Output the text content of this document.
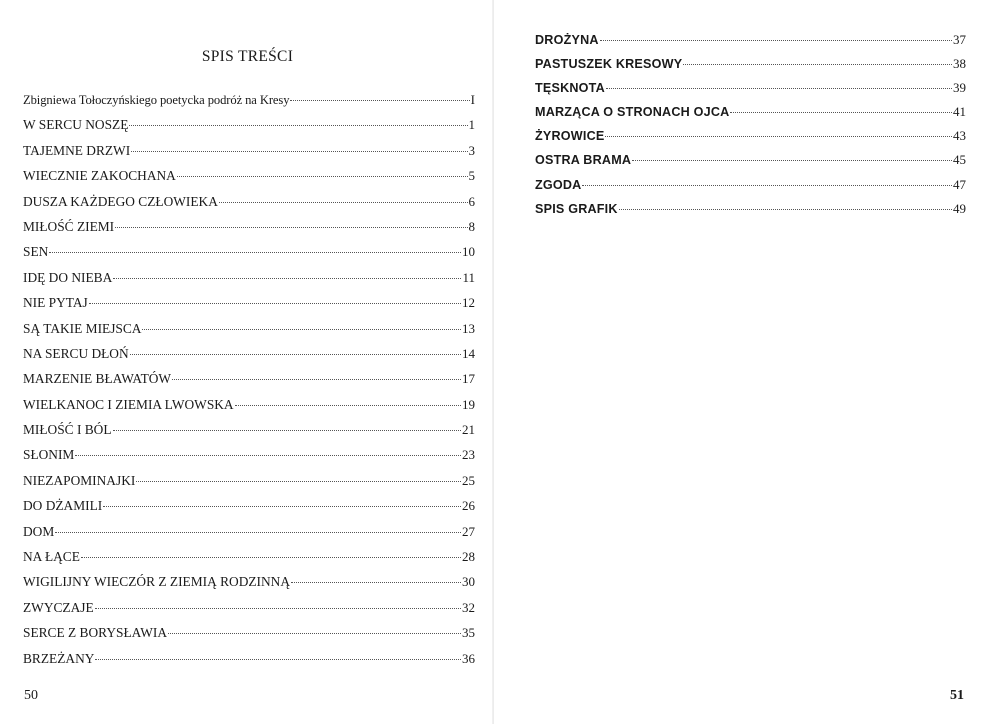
SPIS TREŚCI
Zbigniewa Tołoczyńskiego poetycka podróż na Kresy	I
W SERCU NOSZĘ	1
TAJEMNE DRZWI	3
WIECZNIE ZAKOCHANA	5
DUSZA KAŻDEGO CZŁOWIEKA	6
MIŁOŚĆ ZIEMI	8
SEN	10
IDĘ DO NIEBA	11
NIE PYTAJ	12
SĄ TAKIE MIEJSCA	13
NA SERCU DŁOŃ	14
MARZENIE BŁAWATÓW	17
WIELKANOC I ZIEMIA LWOWSKA	19
MIŁOŚĆ I BÓL	21
SŁONIM	23
NIEZAPOMINAJKI	25
DO DŻAMILI	26
DOM	27
NA ŁĄCE	28
WIGILIJNY WIECZÓR Z ZIEMIĄ RODZINNĄ	30
ZWYCZAJE	32
SERCE Z BORYSŁAWIA	35
BRZEŻANY	36
50
DROŻYNA	37
PASTUSZEK KRESOWY	38
TĘSKNOTA	39
MARZĄCA O STRONACH OJCA	41
ŻYROWICE	43
OSTRA BRAMA	45
ZGODA	47
SPIS GRAFIK	49
51
